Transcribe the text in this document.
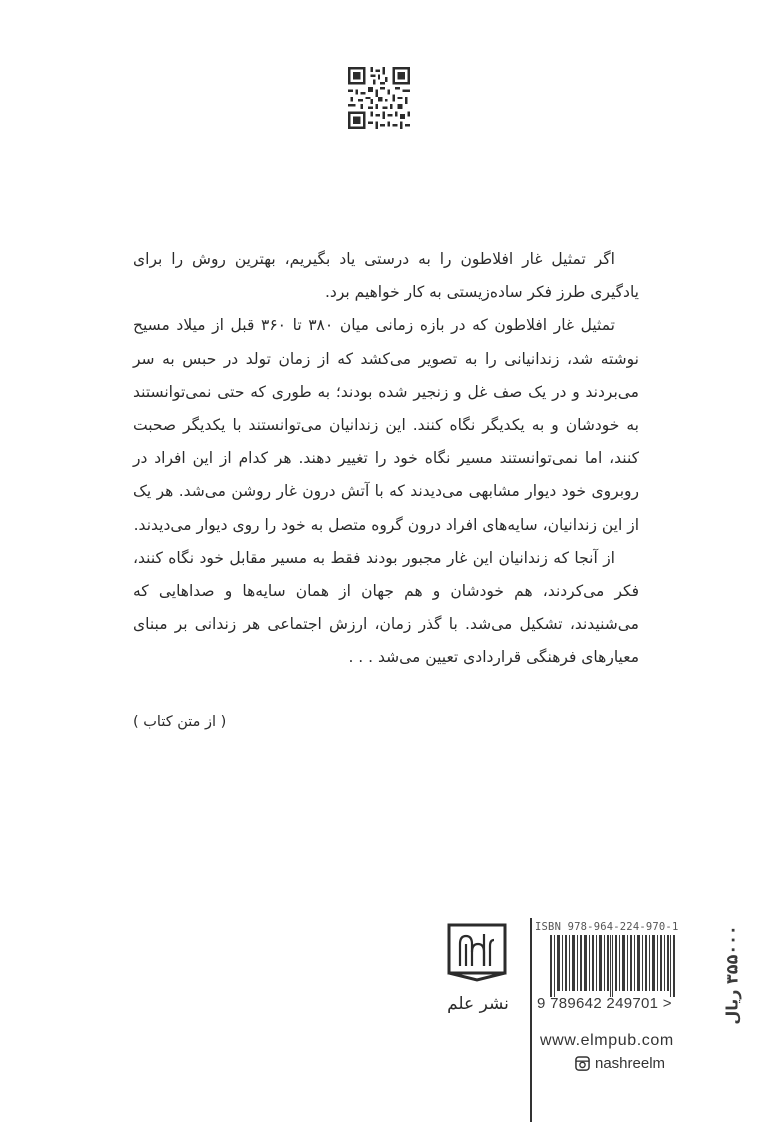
اگر تمثیل غار افلاطون را به درستی یاد بگیریم، بهترین روش را برای یادگیری طرز فکر ساده‌زیستی به کار خواهیم برد.

تمثیل غار افلاطون که در بازه زمانی میان ۳۸۰ تا ۳۶۰ قبل از میلاد مسیح نوشته شد، زندانیانی را به تصویر می‌کشد که از زمان تولد در حبس به سر می‌بردند و در یک صف غل و زنجیر شده بودند؛ به طوری که حتی نمی‌توانستند به خودشان و به یکدیگر نگاه کنند. این زندانیان می‌توانستند با یکدیگر صحبت کنند، اما نمی‌توانستند مسیر نگاه خود را تغییر دهند. هر کدام از این افراد در روبروی خود دیوار مشابهی می‌دیدند که با آتش درون غار روشن می‌شد. هر یک از این زندانیان، سایه‌های افراد درون گروه متصل به خود را روی دیوار می‌دیدند.

از آنجا که زندانیان این غار مجبور بودند فقط به مسیر مقابل خود نگاه کنند، فکر می‌کردند، هم خودشان و هم جهان از همان سایه‌ها و صداهایی که می‌شنیدند، تشکیل می‌شد. با گذر زمان، ارزش اجتماعی هر زندانی بر مبنای معیارهای فرهنگی قراردادی تعیین می‌شد . . .

( از متن کتاب )
نشر علم
ISBN 978-964-224-970-1
9 789642 249701 >
www.elmpub.com
nashreelm
۳۵۵۰۰۰ ریال
